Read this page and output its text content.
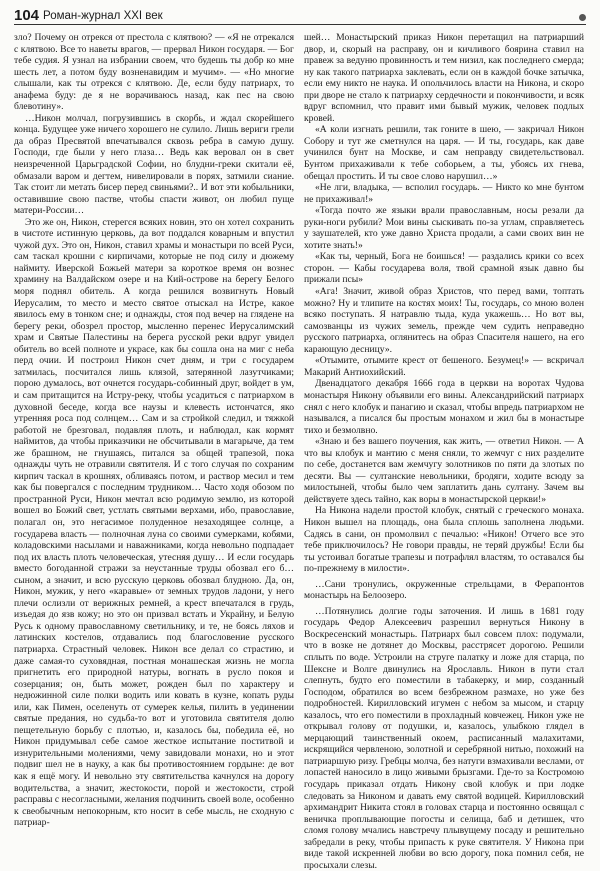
104 Роман-журнал XXI век

зло? Почему он отрекся от престола с клятвою? — «Я не отрекался с клятвою. Все то наветы врагов, — прервал Никон государя. — Бог тебе судия. Я узнал на избрании своем, что будешь ты добр ко мне шесть лет, а потом буду возненавидим и мучим». — «Но многие слышали, как ты отрекся с клятвою. Де, если буду патриарх, то анафема буду: де я не ворачиваюсь назад, как пес на свою блевотину».

…Никон молчал, погрузившись в скорбь, и ждал скорейшего конца. Будущее уже ничего хорошего не сулило. Лишь вериги грели да образ Пресвятой впечатывался сквозь ребра в самую душу. Господи, где были у него глаза… Ведь как веровал он в свет неизреченной Царьградской Софии, но блудни-греки скитали её, обмазали варом и дегтем, нивелировали в порях, затмили сиание. Так стоит ли метать бисер перед свиньями?.. И вот эти кобыльники, оставившие свою пастве, чтобы спасти живот, он любил пуще матери-России…

Это же он, Никон, стерегся всяких новин, это он хотел сохранить в чистоте истинную церковь, да вот поддался коварным и впустил чужой дух. Это он, Никон, ставил храмы и монастыри по всей Руси, сам таскал крошни с кирпичами, которые не под силу и дюжему наймиту. Иверской Божьей матери за короткое время он вознес хрaмину на Валдайском озере и на Кий-острове на берегу Белого моря поднял обитель. А когда решился возвигнуть Новый Иерусалим, то место и место святое отыскал на Истре, какое явилось ему в тонком сне; и однажды, стоя под вечер на гляденe на берегу реки, обозрел простор, мысленно перенес Иерусалимский храм и Святые Палестины на берега русской реки вдруг увидел обитель во всей полноте и украсе, как бы сошла она на миг с неба перд очии. И построил Никон счет дням, и три с государем затмилась, посчитался лишь клязой, затерянной лазутчиками; порою думалось, вот очнется государь-собинный друг, войдет в ум, и сам притащится на Истру-реку, чтобы усадиться с патриархом в духовной беседе, когда все наузы и клевеcть истончатся, яко утренняя роса под солнцем… Сам и за стройкой следил, и тяжкой работой не брезговал, подавляя плоть, и наблюдал, как кормят наймитов, да чтобы приказчики не обсчитывали в магарыче, да тем же брашном, не гнушаясь, питался за общей трапезой, пока однажды чуть не отравили святителя. И с того случая по сохраним кирпич таскал в крошнях, обливаясь потом, и раствор месил и тем как бы повергался с последним трудником… Часто ходя обозом по пространной Руси, Никон мечтал всю родимую землю, из которой вошел во Божий свет, устлать святыми верхами, ибо, православие, полагал он, это негасимое полуденное незаходящее солнце, а государева власть — полночная луна со своими сумерками, кобями, коладовскими насылами и наважниками, когда невольно подпадает под их власть плоть человеческая, утесняя душу… И если государь вместо богоданной стражи за неустанные труды обозвал его б…сыном, а значит, и всю русскую церковь обозвал блудною. Да, он, Никон, мужик, у него «каравые» от земных трудов ладони, у него плечи ослизли от верижных ремней, а крест впечатался в грудь, изъедая до язв кожу; но это он призвал встать и Украйну, и Белую Русь к одному православному светильнику, и те, не боясь ляхов и латинских костелов, отдавались под благословение русского патриарха. Страстный человек. Никон все делал со страстию, и даже самая-то суховядная, постная монашеская жизнь не могла пригнетить его природной натуры, вогнать в русло покоя и созерцания; он, быть может, рожден был по характеру и недюжинной силе полки водить или ковать в кузне, копать руды или, как Пимен, оселенуть от сумерек келья, пилить в уединении святые предания, но судьба-то вот и уготовила святителя долю пещетельную борьбу с плотью, и, казалось бы, победила её, но Никон придумывал себе самое жесткое испытание поститвой и изнурительными молениями, чему завидовали монахи, но и этот подвиг шел не в науку, а как бы противостоянием гордыне: де вот как я ещё могу. И невольно эту святительства качнулся на дорогу водительства, а значит, жестокости, порой и жестокости, строй расправы с несогласными, желания подчинить своей воле, особенно к свеобычным непокорным, кто носит в себе мысль, не сходную с патриар-

шей… Монастырский приказ Никон перетащил на патриарший двор, и, скорый на расправу, он и кичливого боярина ставил на правеж за ведуню провинность и тем низил, как последнего смерда; ну как такого патриарха заклевать, если он в каждой бочке затычка, если ему никто не наука. И опольчилось власти на Никона, и скоро при дворе не стало к патриарху сердечности и покончивости, и всяк вдруг вспомнил, что правит ими бывый мужик, человек подлых кровей.

«А коли изгнать решили, так гоните в шею, — закричал Никон Собору и тут же сметнулся на царя. — И ты, государь, как даве учинился бунт на Москве, и сам неправду свидетельствовал. Бунтом прихаживали к тебе соборьем, а ты, убоясь их гнева, обещал простить. И ты свое слово нарушил…»

«Не лги, владыка, — всполил государь. — Никто ко мне бунтом не прихаживал!»

«Тогда почто же языки врали православным, носы резали да руки-ноги рубили? Мои вины сыскивать по-за углам, справляетесь у заушателей, кто уже давно Христа продали, а сами своих вин не хотите знать!»

«Как ты, черный, Бога не боишься! — раздались крики со всех сторон. — Кабы государева воля, твой срамной язык давно бы прижали псы»

«Ага! Значит, живой образ Христов, что перед вами, топтать можно? Ну и тлипите на костях моих! Ты, государь, со мною волен всяко поступать. Я натравлю тыда, куда укажешь… Но вот вы, самозванцы из чужих земель, прежде чем судить неправедно русского патриарха, оглянитесь на образ Спасителя нашего, на его карающую десницу».

«Отымите, отымите крест от бешеного. Безумец!» — вскричал Макарий Антиохийский.

Двенадцатого декабря 1666 года в церкви на воротах Чудова монастыря Никону объявили его вины. Александрийский патриарх снял с него клобук и панагию и сказал, чтобы впредь патриархом не назывался, а писался бы простым монахом и жил бы в монастыре тихо и безмолвно.

«Знаю и без вашего поучения, как жить, — ответил Никон. — А что вы клобук и мантию с меня сняли, то жемчуг с них разделите по себе, достанется вам жемчугу золотников по пяти да злотых по десяти. Вы — султанские невольники, бродяги, ходите всюду за милостыней, чтобы было чем заплатить дань султану. Зачем вы действуете здесь тайно, как воры в монастырской церкви!»

На Никона надели простой клобук, снятый с греческого монаха. Никон вышел на площадь, она была сплошь заполнена людьми. Садясь в сани, он промолвил с печалью: «Никон! Отчего все это тебе приключилось? Не говори правды, не теряй дружбы! Если бы ты устоивал богатые трапезы и потрафлял властям, то оставался бы по-прежнему в милости».

…Сани тронулись, окруженные стрельцами, в Ферапонтов монастырь на Белоозеро.

…Потянулись долгие годы заточения. И лишь в 1681 году государь Федор Алексеевич разрешил вернуться Никону в Воскресенский монастырь. Патриарх был совсем плох: подумали, что в возке не дотянет до Москвы, расстрясет дорогою. Решили сплыть по воде. Устроили на струге палатку и ложе для старца, по Шексне и Волге двинулись на Ярославль. Никон в пути стал слепнуть, будто его поместили в табакерку, и мир, созданный Господом, обратился во всем безбрежном размахе, но уже без подробностей. Кирилловский игумен с небом за мысом, и старцу казалось, что его поместили в прохладный ковчежец. Никон уже не открывал голову от подушки, и, казалось, улыбкою глядел в мерцающий таинственный окоем, расписанный малахитами, искрящийся червленою, золотной и серебряной нитью, похожий на патриаршую ризу. Гребцы молча, без натуги взмахивали веслами, от лопастей наносило в лицо живыми брызгами. Где-то за Костромою государь приказал отдать Никону свой клобук и при лодке следовать за Никоном и давать ему святой водицей. Кирилловский архимандрит Никита стоял в головах старца и постоянно освящал с веничка проплывающие погосты и селища, баб и детишек, что сломя голову мчались навстречу плывущему посаду и решительно забредали в реку, чтобы припасть к руке святителя. У Никона при виде такой искренней любви во всю дорогу, пока помнил себя, не просыхали слезы.
